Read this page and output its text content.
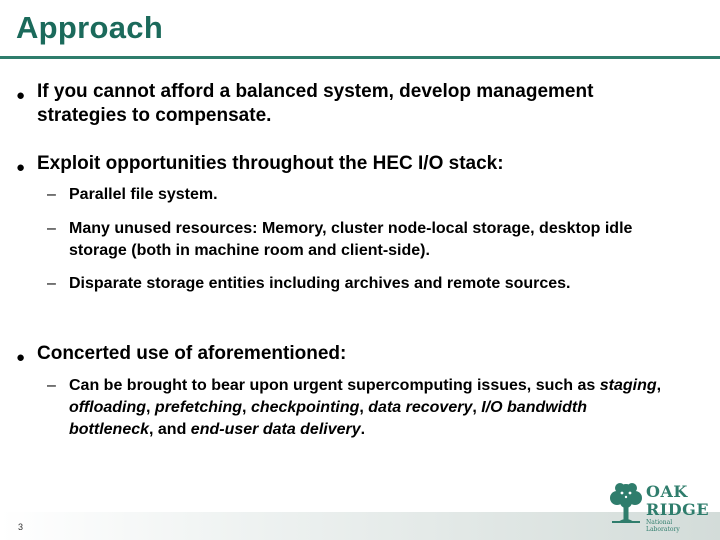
Approach
● If you cannot afford a balanced system, develop management strategies to compensate.
● Exploit opportunities throughout the HEC I/O stack:
– Parallel file system.
– Many unused resources: Memory, cluster node-local storage, desktop idle storage (both in machine room and client-side).
– Disparate storage entities including archives and remote sources.
● Concerted use of aforementioned:
– Can be brought to bear upon urgent supercomputing issues, such as staging, offloading, prefetching, checkpointing, data recovery, I/O bandwidth bottleneck, and end-user data delivery.
3
OAK
RIDGE
National Laboratory
